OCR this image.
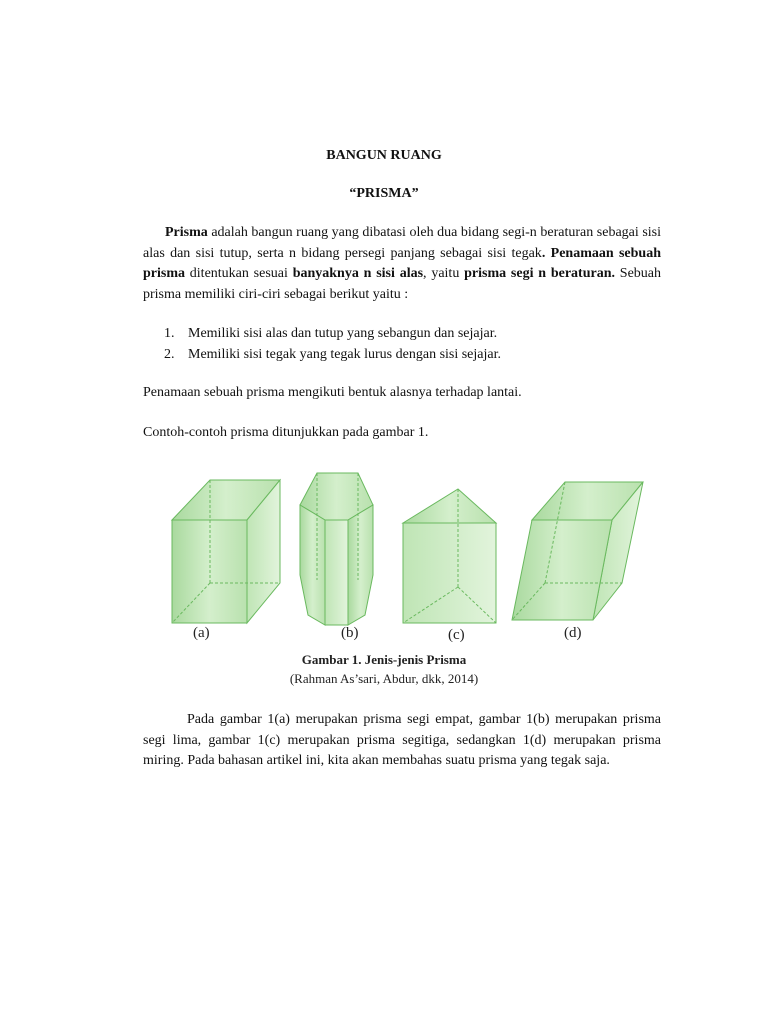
BANGUN RUANG
“PRISMA”

Prisma adalah bangun ruang yang dibatasi oleh dua bidang segi-n beraturan sebagai sisi alas dan sisi tutup, serta n bidang persegi panjang sebagai sisi tegak. Penamaan sebuah prisma ditentukan sesuai banyaknya n sisi alas, yaitu prisma segi n beraturan. Sebuah prisma memiliki ciri-ciri sebagai berikut yaitu :

1. Memiliki sisi alas dan tutup yang sebangun dan sejajar.
2. Memiliki sisi tegak yang tegak lurus dengan sisi sejajar.

Penamaan sebuah prisma mengikuti bentuk alasnya terhadap lantai.

Contoh-contoh prisma ditunjukkan pada gambar 1.

(a)	(b)	(c)	(d)
Gambar 1. Jenis-jenis Prisma
(Rahman As’sari, Abdur, dkk, 2014)

Pada gambar 1(a) merupakan prisma segi empat, gambar 1(b) merupakan prisma segi lima, gambar 1(c) merupakan prisma segitiga, sedangkan 1(d) merupakan prisma miring. Pada bahasan artikel ini, kita akan membahas suatu prisma yang tegak saja.
